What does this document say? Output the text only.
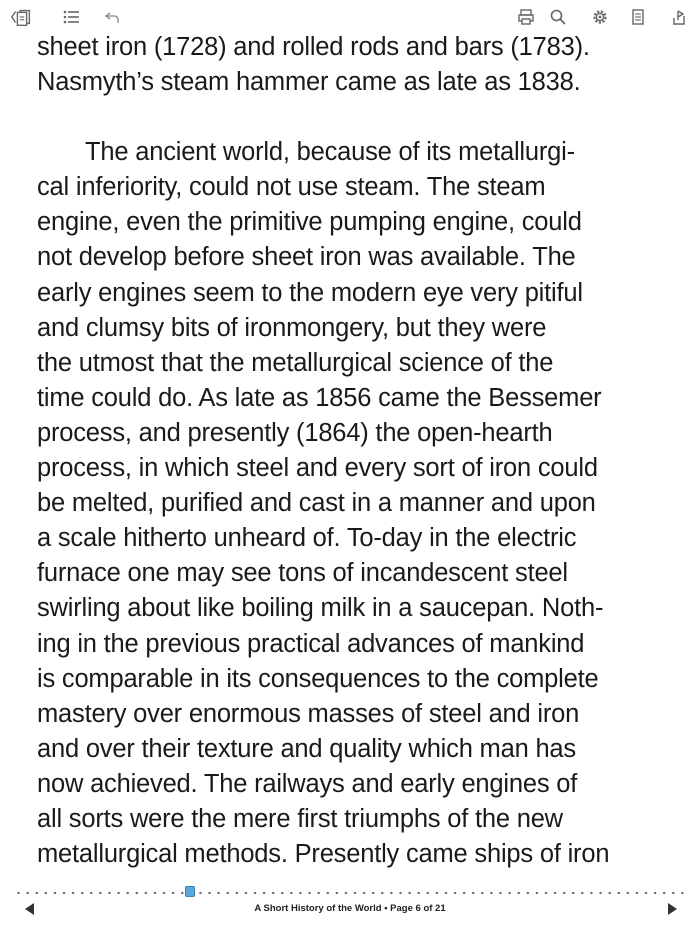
sheet iron (1728) and rolled rods and bars (1783).
Nasmyth’s steam hammer came as late as 1838.
The ancient world, because of its metallurgi-
cal inferiority, could not use steam. The steam
engine, even the primitive pumping engine, could
not develop before sheet iron was available. The
early engines seem to the modern eye very pitiful
and clumsy bits of ironmongery, but they were
the utmost that the metallurgical science of the
time could do. As late as 1856 came the Bessemer
process, and presently (1864) the open-hearth
process, in which steel and every sort of iron could
be melted, purified and cast in a manner and upon
a scale hitherto unheard of. To-day in the electric
furnace one may see tons of incandescent steel
swirling about like boiling milk in a saucepan. Noth-
ing in the previous practical advances of mankind
is comparable in its consequences to the complete
mastery over enormous masses of steel and iron
and over their texture and quality which man has
now achieved. The railways and early engines of
all sorts were the mere first triumphs of the new
metallurgical methods. Presently came ships of iron
A Short History of the World • Page 6 of 21
